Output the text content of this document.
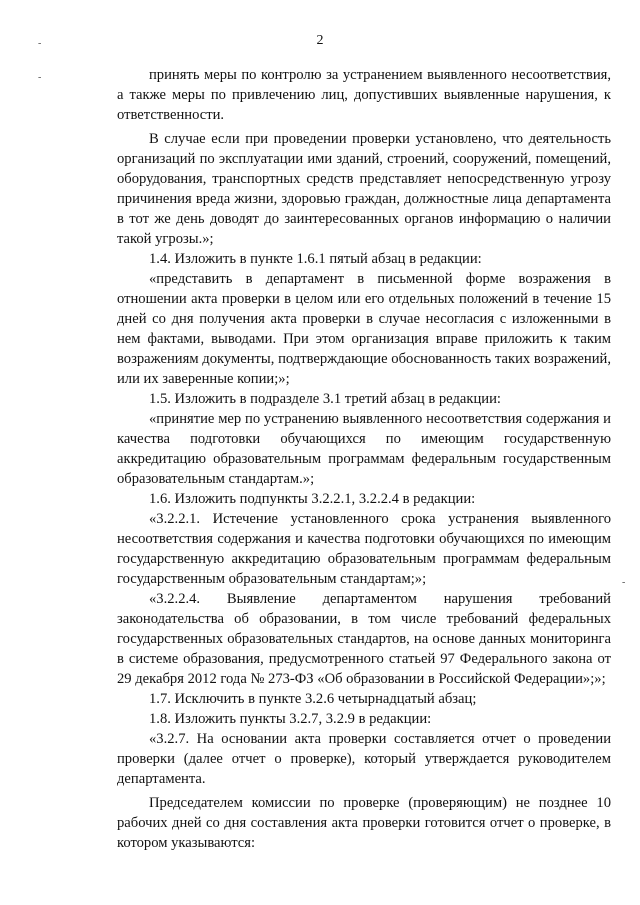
-
-
-
2

принять меры по контролю за устранением выявленного несоответствия, а также меры по привлечению лиц, допустивших выявленные нарушения, к ответственности.

В случае если при проведении проверки установлено, что деятельность организаций по эксплуатации ими зданий, строений, сооружений, помещений, оборудования, транспортных средств представляет непосредственную угрозу причинения вреда жизни, здоровью граждан, должностные лица департамента в тот же день доводят до заинтересованных органов информацию о наличии такой угрозы.»;

1.4. Изложить в пункте 1.6.1 пятый абзац в редакции:

«представить в департамент в письменной форме возражения в отношении акта проверки в целом или его отдельных положений в течение 15 дней со дня получения акта проверки в случае несогласия с изложенными в нем фактами, выводами. При этом организация вправе приложить к таким возражениям документы, подтверждающие обоснованность таких возражений, или их заверенные копии;»;

1.5. Изложить в подразделе 3.1 третий абзац в редакции:

«принятие мер по устранению выявленного несоответствия содержания и качества подготовки обучающихся по имеющим государственную аккредитацию образовательным программам федеральным государственным образовательным стандартам.»;

1.6. Изложить подпункты 3.2.2.1, 3.2.2.4 в редакции:

«3.2.2.1. Истечение установленного срока устранения выявленного несоответствия содержания и качества подготовки обучающихся по имеющим государственную аккредитацию образовательным программам федеральным государственным образовательным стандартам;»;

«3.2.2.4. Выявление департаментом нарушения требований законодательства об образовании, в том числе требований федеральных государственных образовательных стандартов, на основе данных мониторинга в системе образования, предусмотренного статьей 97 Федерального закона от 29 декабря 2012 года № 273-ФЗ «Об образовании в Российской Федерации»;»;

1.7. Исключить в пункте 3.2.6 четырнадцатый абзац;

1.8. Изложить пункты 3.2.7, 3.2.9 в редакции:

«3.2.7. На основании акта проверки составляется отчет о проведении проверки (далее отчет о проверке), который утверждается руководителем департамента.

Председателем комиссии по проверке (проверяющим) не позднее 10 рабочих дней со дня составления акта проверки готовится отчет о проверке, в котором указываются:
